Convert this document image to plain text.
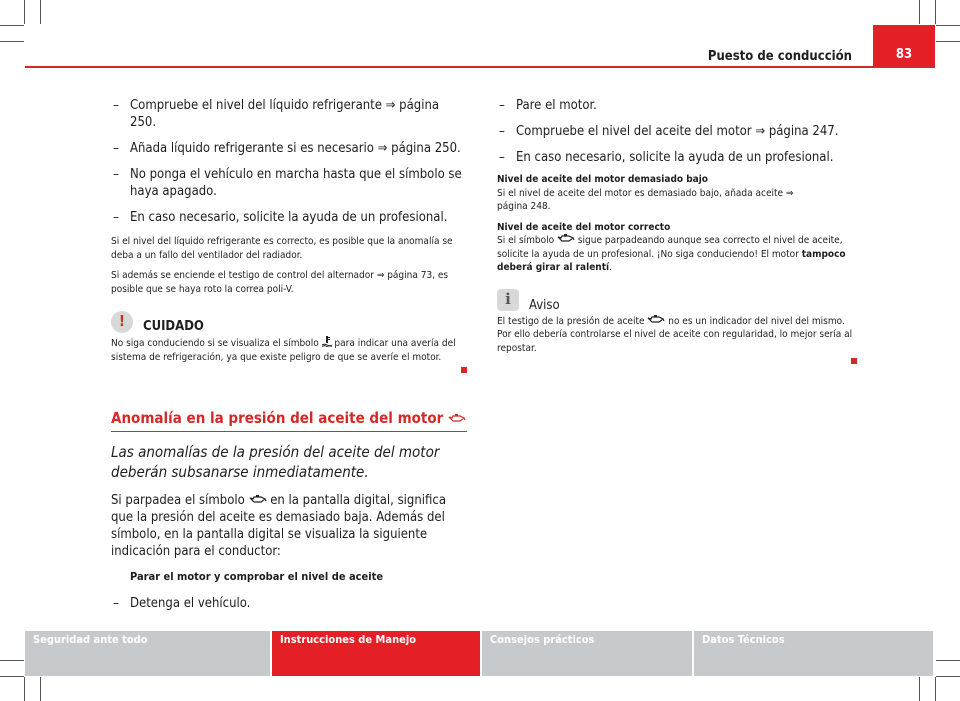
Puesto de conducción	83
– Compruebe el nivel del líquido refrigerante ⇒ página 250.
– Añada líquido refrigerante si es necesario ⇒ página 250.
– No ponga el vehículo en marcha hasta que el símbolo se haya apagado.
– En caso necesario, solicite la ayuda de un profesional.

Si el nivel del líquido refrigerante es correcto, es posible que la anomalía se deba a un fallo del ventilador del radiador.

Si además se enciende el testigo de control del alternador ⇒ página 73, es posible que se haya roto la correa poli-V.

!	CUIDADO

No siga conduciendo si se visualiza el símbolo para indicar una avería del sistema de refrigeración, ya que existe peligro de que se averíe el motor.

Anomalía en la presión del aceite del motor
Las anomalías de la presión del aceite del motor deberán subsanarse inmediatamente.
Si parpadea el símbolo en la pantalla digital, significa que la presión del aceite es demasiado baja. Además del símbolo, en la pantalla digital se visualiza la siguiente indicación para el conductor:
Parar el motor y comprobar el nivel de aceite
– Detenga el vehículo.
– Pare el motor.
– Compruebe el nivel del aceite del motor ⇒ página 247.
– En caso necesario, solicite la ayuda de un profesional.
Nivel de aceite del motor demasiado bajo

Si el nivel de aceite del motor es demasiado bajo, añada aceite ⇒ página 248.

Nivel de aceite del motor correcto

Si el símbolo sigue parpadeando aunque sea correcto el nivel de aceite, solicite la ayuda de un profesional. ¡No siga conduciendo! El motor tampoco deberá girar al ralentí.

i	Aviso

El testigo de la presión de aceite no es un indicador del nivel del mismo. Por ello debería controlarse el nivel de aceite con regularidad, lo mejor sería al repostar.

Seguridad ante todo	Instrucciones de Manejo	Consejos prácticos	Datos Técnicos
